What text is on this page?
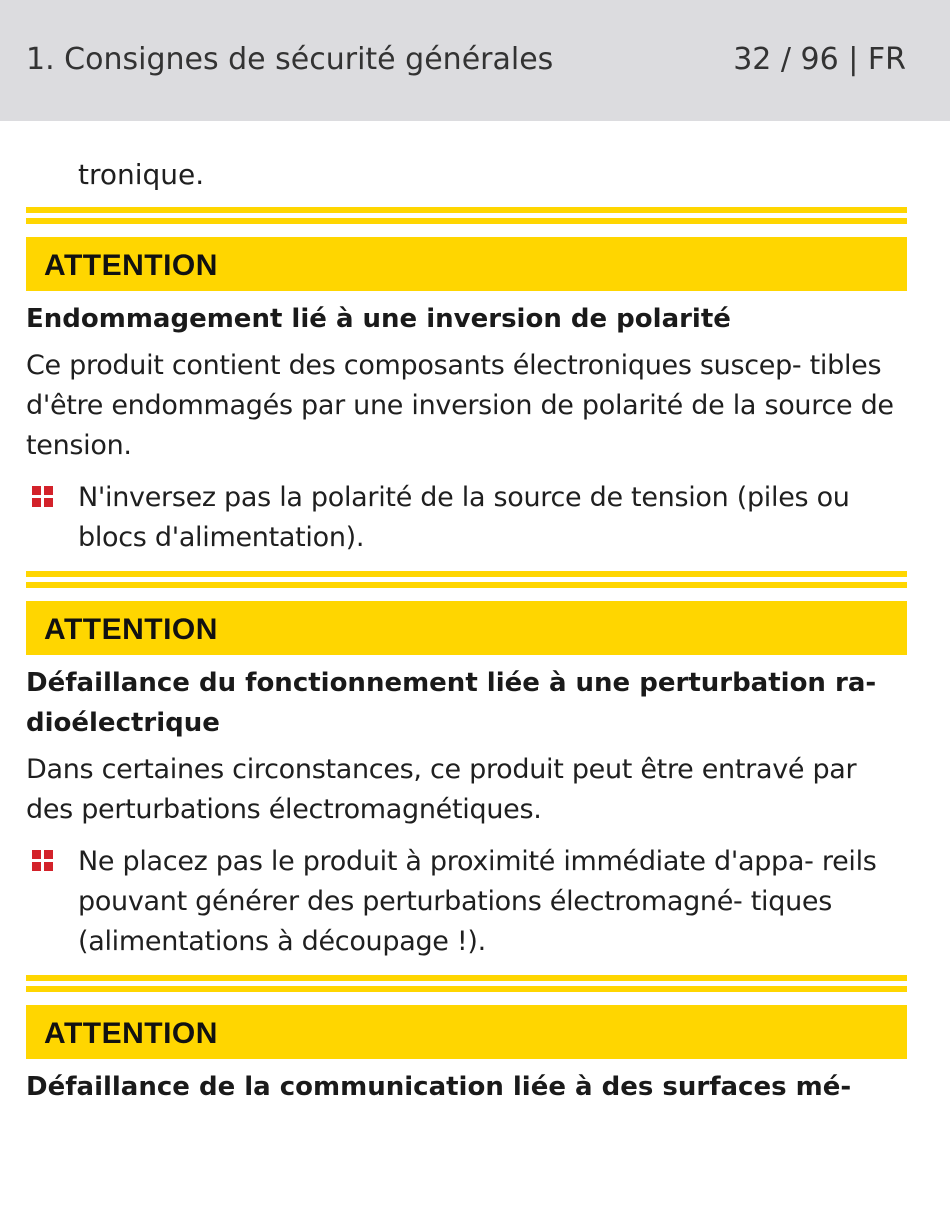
1. Consignes de sécurité générales	32 / 96 | FR
tronique.
ATTENTION
Endommagement lié à une inversion de polarité
Ce produit contient des composants électroniques suscep- tibles d'être endommagés par une inversion de polarité de la source de tension.
N'inversez pas la polarité de la source de tension (piles ou blocs d'alimentation).
ATTENTION
Défaillance du fonctionnement liée à une perturbation ra- dioélectrique
Dans certaines circonstances, ce produit peut être entravé par des perturbations électromagnétiques.
Ne placez pas le produit à proximité immédiate d'appa- reils pouvant générer des perturbations électromagné- tiques (alimentations à découpage !).
ATTENTION
Défaillance de la communication liée à des surfaces mé-
